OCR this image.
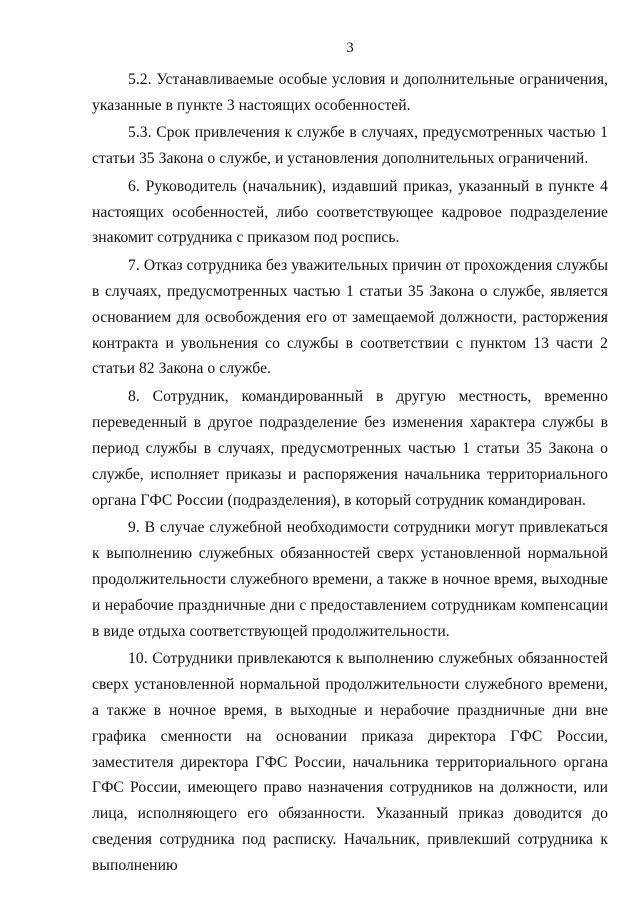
3

5.2. Устанавливаемые особые условия и дополнительные ограничения, указанные в пункте 3 настоящих особенностей.

5.3. Срок привлечения к службе в случаях, предусмотренных частью 1 статьи 35 Закона о службе, и установления дополнительных ограничений.

6. Руководитель (начальник), издавший приказ, указанный в пункте 4 настоящих особенностей, либо соответствующее кадровое подразделение знакомит сотрудника с приказом под роспись.

7. Отказ сотрудника без уважительных причин от прохождения службы в случаях, предусмотренных частью 1 статьи 35 Закона о службе, является основанием для освобождения его от замещаемой должности, расторжения контракта и увольнения со службы в соответствии с пунктом 13 части 2 статьи 82 Закона о службе.

8. Сотрудник, командированный в другую местность, временно переведенный в другое подразделение без изменения характера службы в период службы в случаях, предусмотренных частью 1 статьи 35 Закона о службе, исполняет приказы и распоряжения начальника территориального органа ГФС России (подразделения), в который сотрудник командирован.

9. В случае служебной необходимости сотрудники могут привлекаться к выполнению служебных обязанностей сверх установленной нормальной продолжительности служебного времени, а также в ночное время, выходные и нерабочие праздничные дни с предоставлением сотрудникам компенсации в виде отдыха соответствующей продолжительности.

10. Сотрудники привлекаются к выполнению служебных обязанностей сверх установленной нормальной продолжительности служебного времени, а также в ночное время, в выходные и нерабочие праздничные дни вне графика сменности на основании приказа директора ГФС России, заместителя директора ГФС России, начальника территориального органа ГФС России, имеющего право назначения сотрудников на должности, или лица, исполняющего его обязанности. Указанный приказ доводится до сведения сотрудника под расписку. Начальник, привлекший сотрудника к выполнению
